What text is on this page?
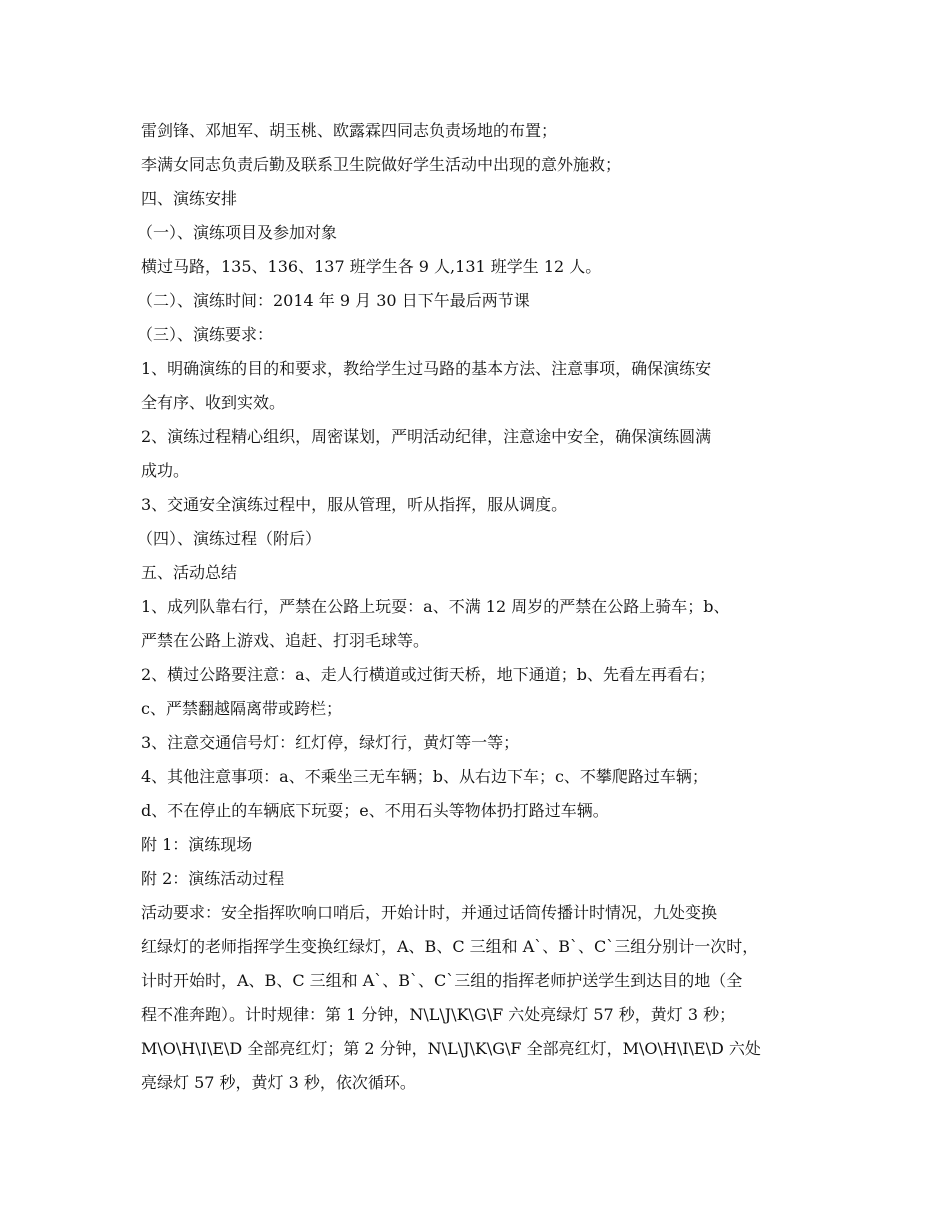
雷剑锋、邓旭军、胡玉桃、欧露霖四同志负责场地的布置；
李满女同志负责后勤及联系卫生院做好学生活动中出现的意外施救；
四、演练安排
（一）、演练项目及参加对象
横过马路，135、136、137 班学生各 9 人,131 班学生 12 人。
（二）、演练时间：2014 年 9 月 30 日下午最后两节课
（三）、演练要求：
1、明确演练的目的和要求，教给学生过马路的基本方法、注意事项，确保演练安
全有序、收到实效。
2、演练过程精心组织，周密谋划，严明活动纪律，注意途中安全，确保演练圆满
成功。
3、交通安全演练过程中，服从管理，听从指挥，服从调度。
（四）、演练过程（附后）
五、活动总结
1、成列队靠右行，严禁在公路上玩耍：a、不满 12 周岁的严禁在公路上骑车；b、
严禁在公路上游戏、追赶、打羽毛球等。
2、横过公路要注意：a、走人行横道或过街天桥，地下通道；b、先看左再看右；
c、严禁翻越隔离带或跨栏；
3、注意交通信号灯：红灯停，绿灯行，黄灯等一等；
4、其他注意事项：a、不乘坐三无车辆；b、从右边下车；c、不攀爬路过车辆；
d、不在停止的车辆底下玩耍；e、不用石头等物体扔打路过车辆。
附 1：演练现场
附 2：演练活动过程
活动要求：安全指挥吹响口哨后，开始计时，并通过话筒传播计时情况，九处变换
红绿灯的老师指挥学生变换红绿灯，A、B、C 三组和 A`、B`、C`三组分别计一次时，
计时开始时，A、B、C 三组和 A`、B`、C`三组的指挥老师护送学生到达目的地（全
程不准奔跑）。计时规律：第 1 分钟，N\L\J\K\G\F 六处亮绿灯 57 秒，黄灯 3 秒；
M\O\H\I\E\D 全部亮红灯；第 2 分钟，N\L\J\K\G\F 全部亮红灯，M\O\H\I\E\D 六处
亮绿灯 57 秒，黄灯 3 秒，依次循环。
